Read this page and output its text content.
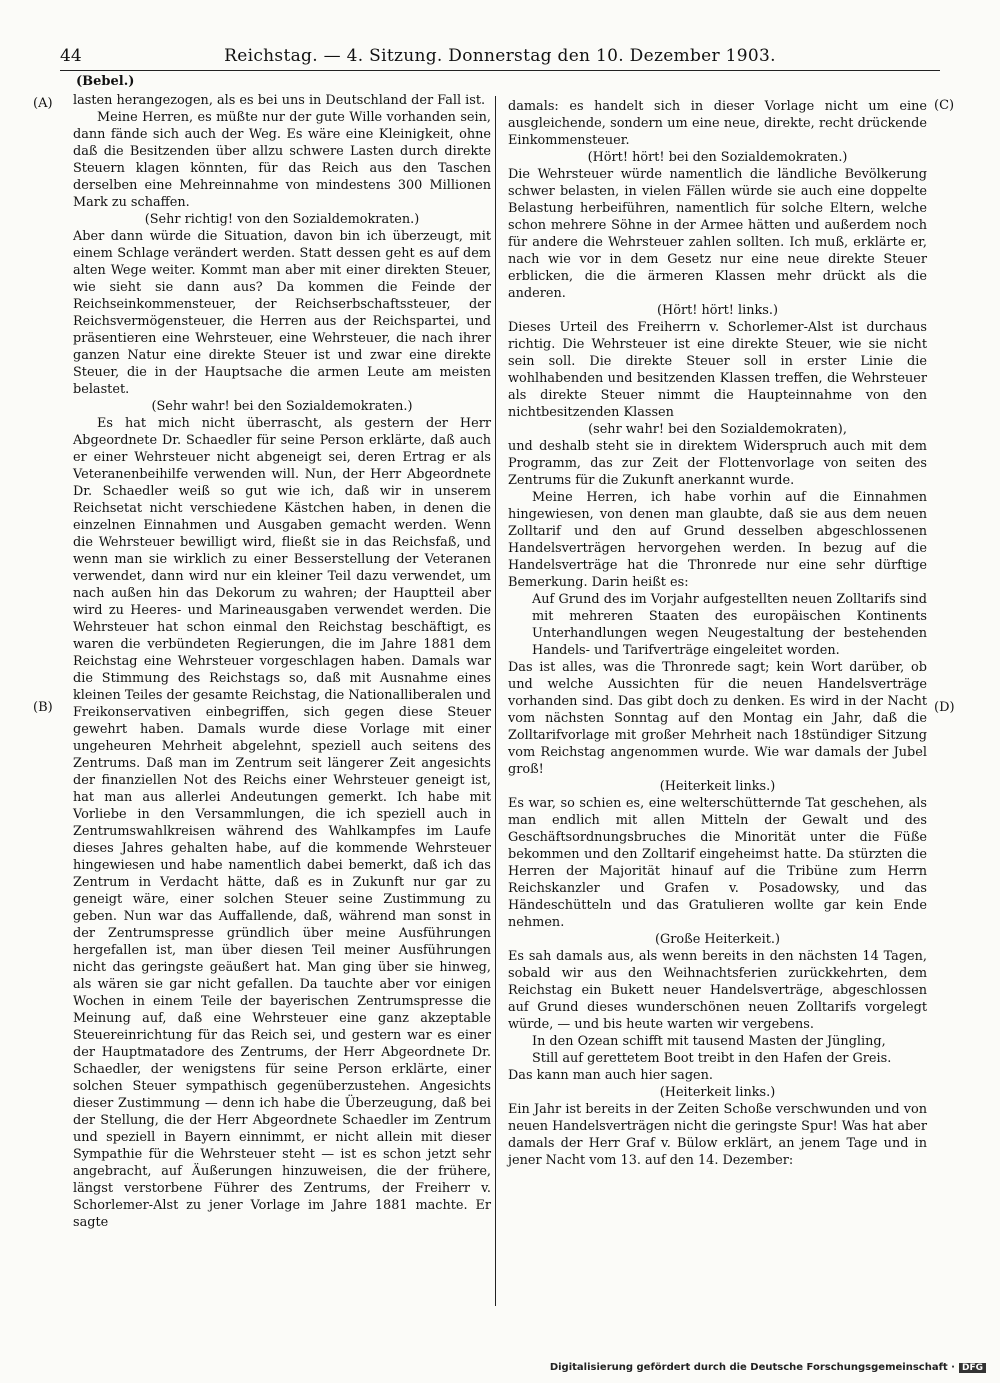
44	Reichstag. — 4. Sitzung. Donnerstag den 10. Dezember 1903.
(Bebel.)
(A)
(B)
(C)
(D)

lasten herangezogen, als es bei uns in Deutschland der Fall ist.

Meine Herren, es müßte nur der gute Wille vorhanden sein, dann fände sich auch der Weg. Es wäre eine Kleinigkeit, ohne daß die Besitzenden über allzu schwere Lasten durch direkte Steuern klagen könnten, für das Reich aus den Taschen derselben eine Mehreinnahme von mindestens 300 Millionen Mark zu schaffen.

(Sehr richtig! von den Sozialdemokraten.)

Aber dann würde die Situation, davon bin ich überzeugt, mit einem Schlage verändert werden. Statt dessen geht es auf dem alten Wege weiter. Kommt man aber mit einer direkten Steuer, wie sieht sie dann aus? Da kommen die Feinde der Reichseinkommensteuer, der Reichserbschaftssteuer, der Reichsvermögensteuer, die Herren aus der Reichspartei, und präsentieren eine Wehrsteuer, eine Wehrsteuer, die nach ihrer ganzen Natur eine direkte Steuer ist und zwar eine direkte Steuer, die in der Hauptsache die armen Leute am meisten belastet.

(Sehr wahr! bei den Sozialdemokraten.)

Es hat mich nicht überrascht, als gestern der Herr Abgeordnete Dr. Schaedler für seine Person erklärte, daß auch er einer Wehrsteuer nicht abgeneigt sei, deren Ertrag er als Veteranenbeihilfe verwenden will. Nun, der Herr Abgeordnete Dr. Schaedler weiß so gut wie ich, daß wir in unserem Reichsetat nicht verschiedene Kästchen haben, in denen die einzelnen Einnahmen und Ausgaben gemacht werden. Wenn die Wehrsteuer bewilligt wird, fließt sie in das Reichsfaß, und wenn man sie wirklich zu einer Besserstellung der Veteranen verwendet, dann wird nur ein kleiner Teil dazu verwendet, um nach außen hin das Dekorum zu wahren; der Hauptteil aber wird zu Heeres- und Marineausgaben verwendet werden. Die Wehrsteuer hat schon einmal den Reichstag beschäftigt, es waren die verbündeten Regierungen, die im Jahre 1881 dem Reichstag eine Wehrsteuer vorgeschlagen haben. Damals war die Stimmung des Reichstags so, daß mit Ausnahme eines kleinen Teiles der gesamte Reichstag, die Nationalliberalen und Freikonservativen einbegriffen, sich gegen diese Steuer gewehrt haben. Damals wurde diese Vorlage mit einer ungeheuren Mehrheit abgelehnt, speziell auch seitens des Zentrums. Daß man im Zentrum seit längerer Zeit angesichts der finanziellen Not des Reichs einer Wehrsteuer geneigt ist, hat man aus allerlei Andeutungen gemerkt. Ich habe mit Vorliebe in den Versammlungen, die ich speziell auch in Zentrumswahlkreisen während des Wahlkampfes im Laufe dieses Jahres gehalten habe, auf die kommende Wehrsteuer hingewiesen und habe namentlich dabei bemerkt, daß ich das Zentrum in Verdacht hätte, daß es in Zukunft nur gar zu geneigt wäre, einer solchen Steuer seine Zustimmung zu geben. Nun war das Auffallende, daß, während man sonst in der Zentrumspresse gründlich über meine Ausführungen hergefallen ist, man über diesen Teil meiner Ausführungen nicht das geringste geäußert hat. Man ging über sie hinweg, als wären sie gar nicht gefallen. Da tauchte aber vor einigen Wochen in einem Teile der bayerischen Zentrumspresse die Meinung auf, daß eine Wehrsteuer eine ganz akzeptable Steuereinrichtung für das Reich sei, und gestern war es einer der Hauptmatadore des Zentrums, der Herr Abgeordnete Dr. Schaedler, der wenigstens für seine Person erklärte, einer solchen Steuer sympathisch gegenüberzustehen. Angesichts dieser Zustimmung — denn ich habe die Überzeugung, daß bei der Stellung, die der Herr Abgeordnete Schaedler im Zentrum und speziell in Bayern einnimmt, er nicht allein mit dieser Sympathie für die Wehrsteuer steht — ist es schon jetzt sehr angebracht, auf Äußerungen hinzuweisen, die der frühere, längst verstorbene Führer des Zentrums, der Freiherr v. Schorlemer-Alst zu jener Vorlage im Jahre 1881 machte. Er sagte

damals: es handelt sich in dieser Vorlage nicht um eine ausgleichende, sondern um eine neue, direkte, recht drückende Einkommensteuer.

(Hört! hört! bei den Sozialdemokraten.)

Die Wehrsteuer würde namentlich die ländliche Bevölkerung schwer belasten, in vielen Fällen würde sie auch eine doppelte Belastung herbeiführen, namentlich für solche Eltern, welche schon mehrere Söhne in der Armee hätten und außerdem noch für andere die Wehrsteuer zahlen sollten. Ich muß, erklärte er, nach wie vor in dem Gesetz nur eine neue direkte Steuer erblicken, die die ärmeren Klassen mehr drückt als die anderen.

(Hört! hört! links.)

Dieses Urteil des Freiherrn v. Schorlemer-Alst ist durchaus richtig. Die Wehrsteuer ist eine direkte Steuer, wie sie nicht sein soll. Die direkte Steuer soll in erster Linie die wohlhabenden und besitzenden Klassen treffen, die Wehrsteuer als direkte Steuer nimmt die Haupteinnahme von den nichtbesitzenden Klassen

(sehr wahr! bei den Sozialdemokraten),

und deshalb steht sie in direktem Widerspruch auch mit dem Programm, das zur Zeit der Flottenvorlage von seiten des Zentrums für die Zukunft anerkannt wurde.

Meine Herren, ich habe vorhin auf die Einnahmen hingewiesen, von denen man glaubte, daß sie aus dem neuen Zolltarif und den auf Grund desselben abgeschlossenen Handelsverträgen hervorgehen werden. In bezug auf die Handelsverträge hat die Thronrede nur eine sehr dürftige Bemerkung. Darin heißt es:

Auf Grund des im Vorjahr aufgestellten neuen Zolltarifs sind mit mehreren Staaten des europäischen Kontinents Unterhandlungen wegen Neugestaltung der bestehenden Handels- und Tarifverträge eingeleitet worden.

Das ist alles, was die Thronrede sagt; kein Wort darüber, ob und welche Aussichten für die neuen Handelsverträge vorhanden sind. Das gibt doch zu denken. Es wird in der Nacht vom nächsten Sonntag auf den Montag ein Jahr, daß die Zolltarifvorlage mit großer Mehrheit nach 18stündiger Sitzung vom Reichstag angenommen wurde. Wie war damals der Jubel groß!

(Heiterkeit links.)

Es war, so schien es, eine welterschütternde Tat geschehen, als man endlich mit allen Mitteln der Gewalt und des Geschäftsordnungsbruches die Minorität unter die Füße bekommen und den Zolltarif eingeheimst hatte. Da stürzten die Herren der Majorität hinauf auf die Tribüne zum Herrn Reichskanzler und Grafen v. Posadowsky, und das Händeschütteln und das Gratulieren wollte gar kein Ende nehmen.

(Große Heiterkeit.)

Es sah damals aus, als wenn bereits in den nächsten 14 Tagen, sobald wir aus den Weihnachtsferien zurückkehrten, dem Reichstag ein Bukett neuer Handelsverträge, abgeschlossen auf Grund dieses wunderschönen neuen Zolltarifs vorgelegt würde, — und bis heute warten wir vergebens.

In den Ozean schifft mit tausend Masten der Jüngling,

Still auf gerettetem Boot treibt in den Hafen der Greis.

Das kann man auch hier sagen.

(Heiterkeit links.)

Ein Jahr ist bereits in der Zeiten Schoße verschwunden und von neuen Handelsverträgen nicht die geringste Spur! Was hat aber damals der Herr Graf v. Bülow erklärt, an jenem Tage und in jener Nacht vom 13. auf den 14. Dezember:

Digitalisierung gefördert durch die Deutsche Forschungsgemeinschaft · DFG
